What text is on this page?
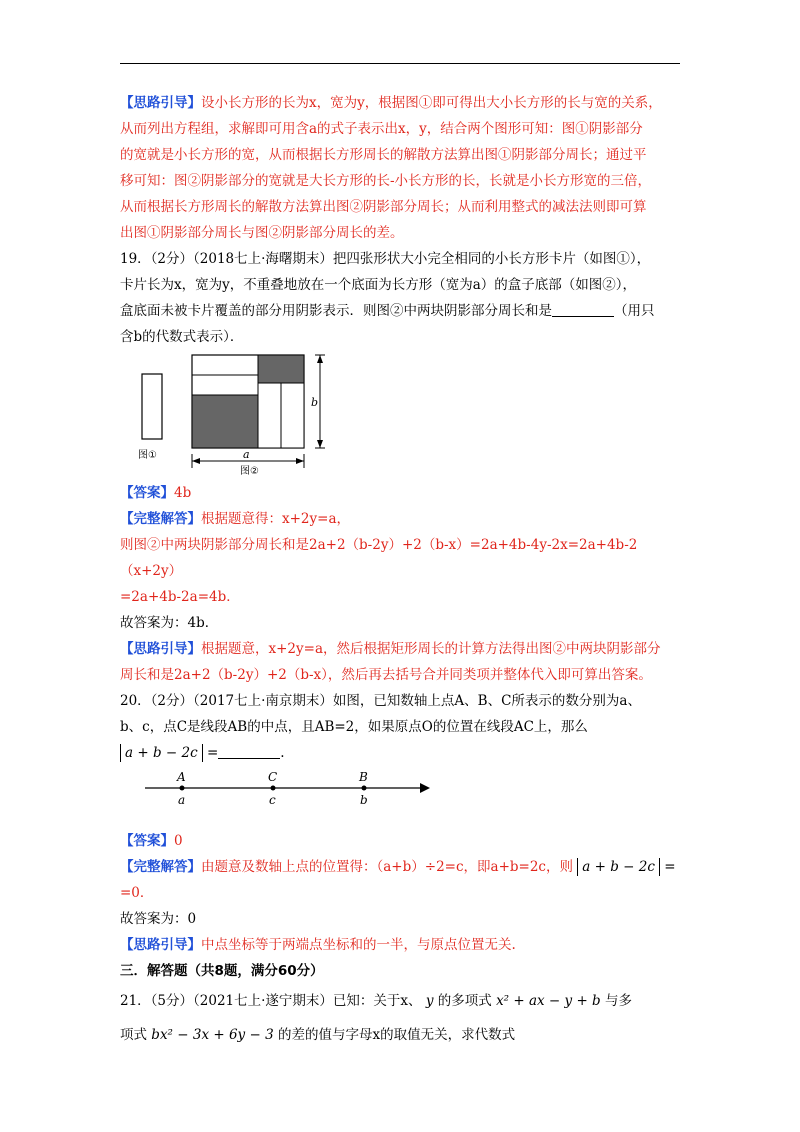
【思路引导】设小长方形的长为x，宽为y，根据图①即可得出大小长方形的长与宽的关系，
从而列出方程组，求解即可用含a的式子表示出x，y，结合两个图形可知：图①阴影部分
的宽就是小长方形的宽，从而根据长方形周长的解散方法算出图①阴影部分周长；通过平
移可知：图②阴影部分的宽就是大长方形的长-小长方形的长，长就是小长方形宽的三倍，
从而根据长方形周长的解散方法算出图②阴影部分周长；从而利用整式的减法法则即可算
出图①阴影部分周长与图②阴影部分周长的差。

19．（2分）（2018七上·海曙期末）把四张形状大小完全相同的小长方形卡片（如图①），
卡片长为x，宽为y，不重叠地放在一个底面为长方形（宽为a）的盒子底部（如图②），
盒底面未被卡片覆盖的部分用阴影表示．则图②中两块阴影部分周长和是	（用只
含b的代数式表示）．

图①
b
a
图②

【答案】4b

【完整解答】根据题意得：x+2y=a，
则图②中两块阴影部分周长和是2a+2（b-2y）+2（b-x）=2a+4b-4y-2x=2a+4b-2（x+2y）
=2a+4b-2a=4b．

故答案为：4b．

【思路引导】根据题意，x+2y=a，然后根据矩形周长的计算方法得出图②中两块阴影部分
周长和是2a+2（b-2y）+2（b-x），然后再去括号合并同类项并整体代入即可算出答案。

20．（2分）（2017七上·南京期末）如图，已知数轴上点A、B、C所表示的数分别为a、
b、c，点C是线段AB的中点，且AB=2，如果原点O的位置在线段AC上，那么
a + b − 2c =	.

A	C	B
a	c	b

【答案】0

【完整解答】由题意及数轴上点的位置得：（a+b）÷2=c，即a+b=2c，则 a + b − 2c =
=0．

故答案为：0

【思路引导】中点坐标等于两端点坐标和的一半，与原点位置无关.

三．解答题（共8题，满分60分）

21．（5分）（2021七上·遂宁期末）已知：关于x、 y 的多项式 x² + ax − y + b 与多
项式 bx² − 3x + 6y − 3 的差的值与字母x的取值无关，求代数式
